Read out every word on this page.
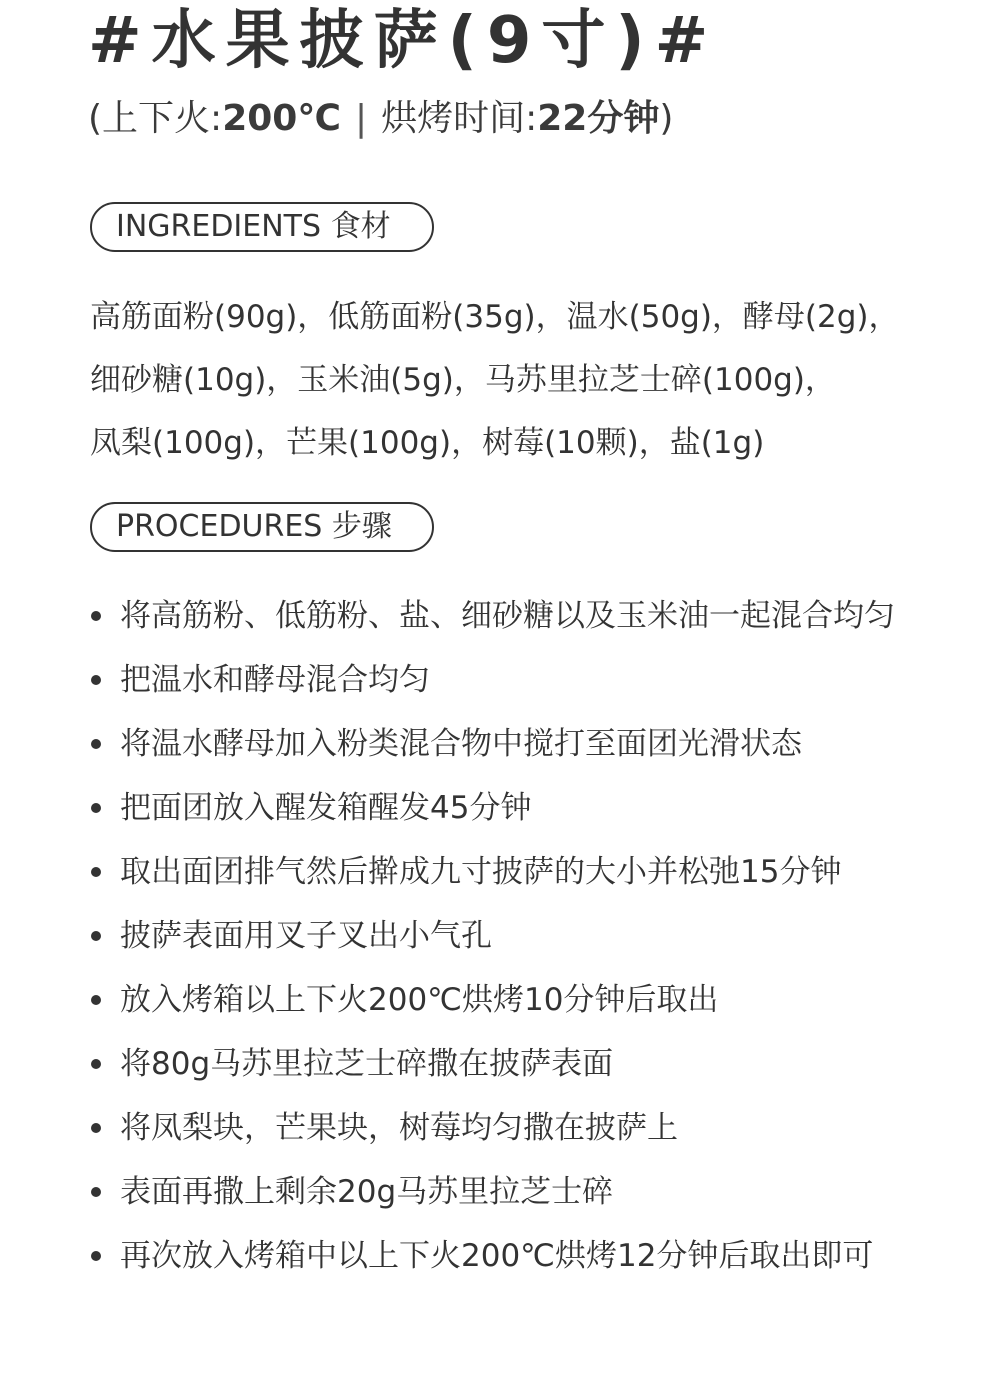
#水果披萨(9寸)#
(上下火:200℃ | 烘烤时间:22分钟)
INGREDIENTS 食材
高筋面粉(90g)，低筋面粉(35g)，温水(50g)，酵母(2g)，
细砂糖(10g)，玉米油(5g)，马苏里拉芝士碎(100g)，
凤梨(100g)，芒果(100g)，树莓(10颗)，盐(1g)
PROCEDURES 步骤
将高筋粉、低筋粉、盐、细砂糖以及玉米油一起混合均匀
把温水和酵母混合均匀
将温水酵母加入粉类混合物中搅打至面团光滑状态
把面团放入醒发箱醒发45分钟
取出面团排气然后擀成九寸披萨的大小并松弛15分钟
披萨表面用叉子叉出小气孔
放入烤箱以上下火200℃烘烤10分钟后取出
将80g马苏里拉芝士碎撒在披萨表面
将凤梨块，芒果块，树莓均匀撒在披萨上
表面再撒上剩余20g马苏里拉芝士碎
再次放入烤箱中以上下火200℃烘烤12分钟后取出即可
